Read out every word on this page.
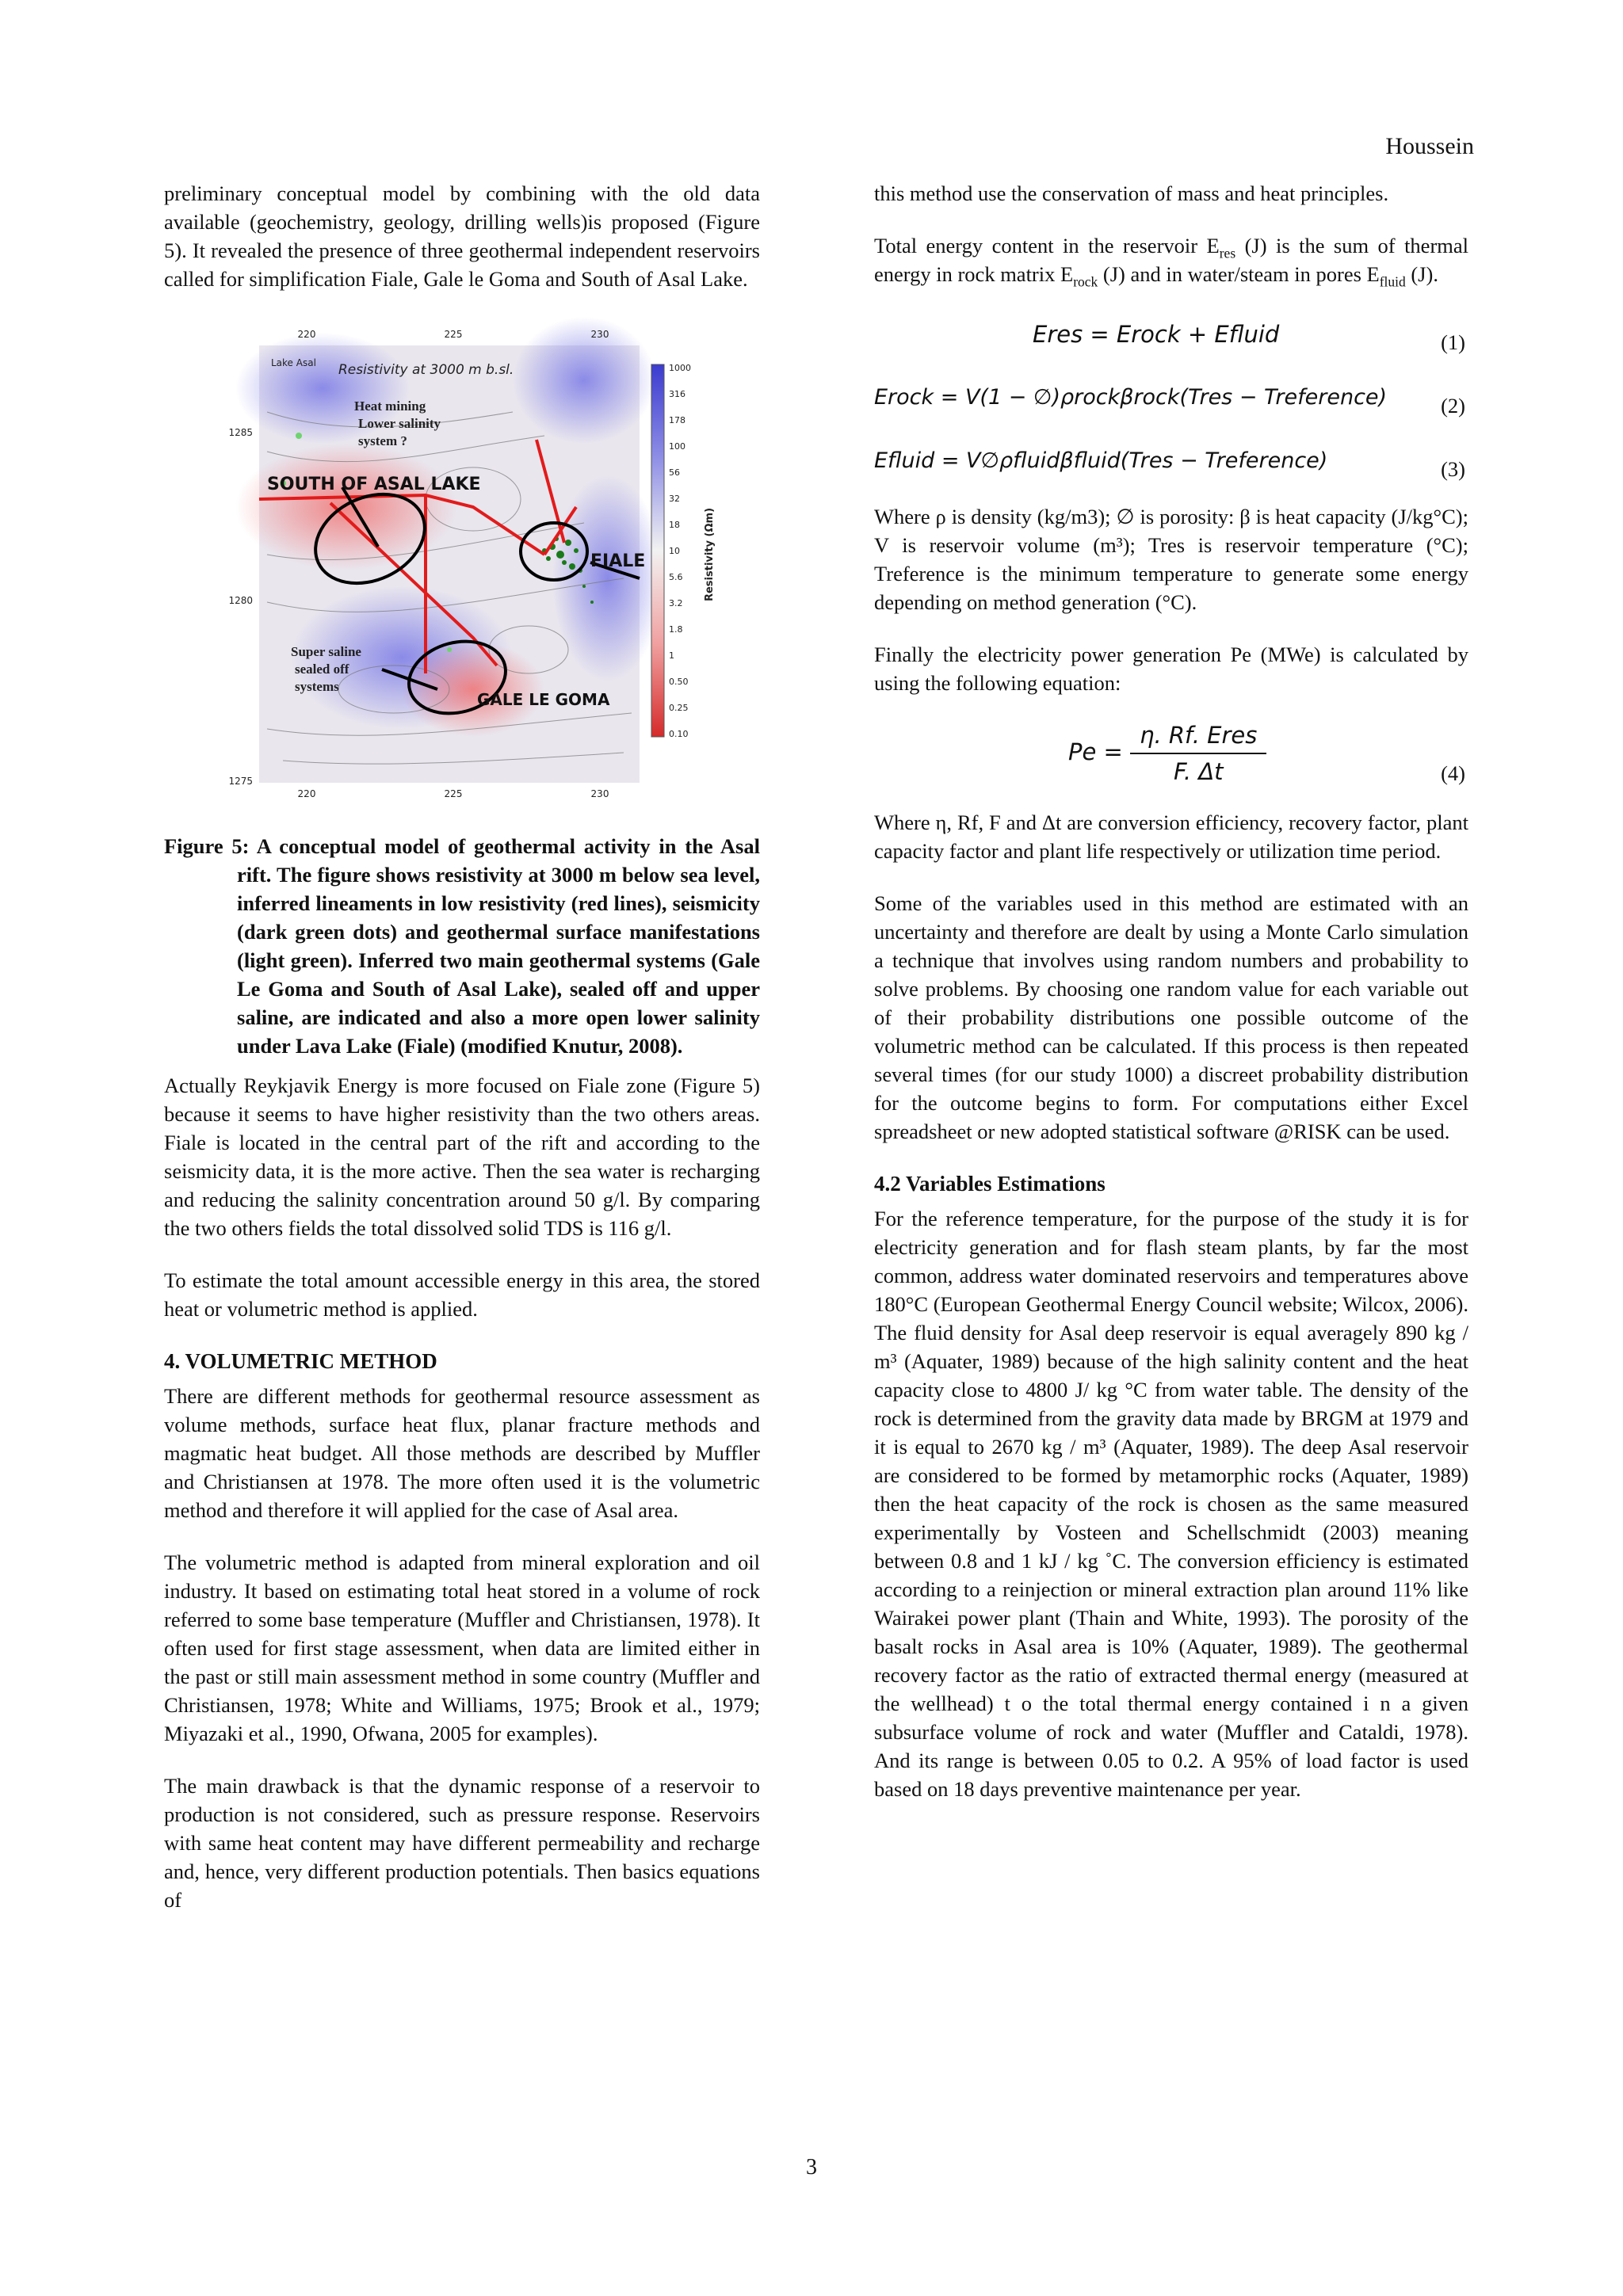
Houssein

preliminary conceptual model by combining with the old data available (geochemistry, geology, drilling wells)is proposed (Figure 5). It revealed the presence of three geothermal independent reservoirs called for simplification Fiale, Gale le Goma and South of Asal Lake.

220	225	230
220	225	230
1285
1280
1275
Lake Asal Resistivity at 3000 m b.sl.
SOUTH OF ASAL LAKE
FIALE
GALE LE GOMA
Heat mining
Lower salinity
system ?
Super saline
sealed off
systems
1000
316
178
100
56
32
18
10
5.6
3.2
1.8
1
0.50
0.25
0.10
Resistivity (Ωm)

Figure 5: A conceptual model of geothermal activity in the Asal rift. The figure shows resistivity at 3000 m below sea level, inferred lineaments in low resistivity (red lines), seismicity (dark green dots) and geothermal surface manifestations (light green). Inferred two main geothermal systems (Gale Le Goma and South of Asal Lake), sealed off and upper saline, are indicated and also a more open lower salinity under Lava Lake (Fiale) (modified Knutur, 2008).

Actually Reykjavik Energy is more focused on Fiale zone (Figure 5) because it seems to have higher resistivity than the two others areas. Fiale is located in the central part of the rift and according to the seismicity data, it is the more active. Then the sea water is recharging and reducing the salinity concentration around 50 g/l. By comparing the two others fields the total dissolved solid TDS is 116 g/l.

To estimate the total amount accessible energy in this area, the stored heat or volumetric method is applied.

4. VOLUMETRIC METHOD

There are different methods for geothermal resource assessment as volume methods, surface heat flux, planar fracture methods and magmatic heat budget. All those methods are described by Muffler and Christiansen at 1978. The more often used it is the volumetric method and therefore it will applied for the case of Asal area.

The volumetric method is adapted from mineral exploration and oil industry. It based on estimating total heat stored in a volume of rock referred to some base temperature (Muffler and Christiansen, 1978). It often used for first stage assessment, when data are limited either in the past or still main assessment method in some country (Muffler and Christiansen, 1978; White and Williams, 1975; Brook et al., 1979; Miyazaki et al., 1990, Ofwana, 2005 for examples).

The main drawback is that the dynamic response of a reservoir to production is not considered, such as pressure response. Reservoirs with same heat content may have different permeability and recharge and, hence, very different production potentials. Then basics equations of

this method use the conservation of mass and heat principles.

Total energy content in the reservoir $E_{res}$ (J) is the sum of thermal energy in rock matrix $E_{rock}$ (J) and in water/steam in pores $E_{fluid}$ (J).

Eres = Erock + Efluid	(1)
Erock = V(1 − ∅)ρrockβrock(Tres − Treference)	(2)
Efluid = V∅ρfluidβfluid(Tres − Treference)	(3)

Where ρ is density (kg/m3); ∅ is porosity: β is heat capacity (J/kg°C); V is reservoir volume (m³); Tres is reservoir temperature (°C); Treference is the minimum temperature to generate some energy depending on method generation (°C).

Finally the electricity power generation Pe (MWe) is calculated by using the following equation:

$Pe = \frac{\text{η. Rf. Eres}}{F. \Delta t}$	(4)

Where η, Rf, F and Δt are conversion efficiency, recovery factor, plant capacity factor and plant life respectively or utilization time period.

Some of the variables used in this method are estimated with an uncertainty and therefore are dealt by using a Monte Carlo simulation a technique that involves using random numbers and probability to solve problems. By choosing one random value for each variable out of their probability distributions one possible outcome of the volumetric method can be calculated. If this process is then repeated several times (for our study 1000) a discreet probability distribution for the outcome begins to form. For computations either Excel spreadsheet or new adopted statistical software @RISK can be used.

4.2 Variables Estimations

For the reference temperature, for the purpose of the study it is for electricity generation and for flash steam plants, by far the most common, address water dominated reservoirs and temperatures above 180°C (European Geothermal Energy Council website; Wilcox, 2006). The fluid density for Asal deep reservoir is equal averagely 890 kg / m³ (Aquater, 1989) because of the high salinity content and the heat capacity close to 4800 J/ kg °C from water table. The density of the rock is determined from the gravity data made by BRGM at 1979 and it is equal to 2670 kg / m³ (Aquater, 1989). The deep Asal reservoir are considered to be formed by metamorphic rocks (Aquater, 1989) then the heat capacity of the rock is chosen as the same measured experimentally by Vosteen and Schellschmidt (2003) meaning between 0.8 and 1 kJ / kg ˚C. The conversion efficiency is estimated according to a reinjection or mineral extraction plan around 11% like Wairakei power plant (Thain and White, 1993). The porosity of the basalt rocks in Asal area is 10% (Aquater, 1989). The geothermal recovery factor as the ratio of extracted thermal energy (measured at the wellhead) t o the total thermal energy contained i n a given subsurface volume of rock and water (Muffler and Cataldi, 1978). And its range is between 0.05 to 0.2. A 95% of load factor is used based on 18 days preventive maintenance per year.

3
